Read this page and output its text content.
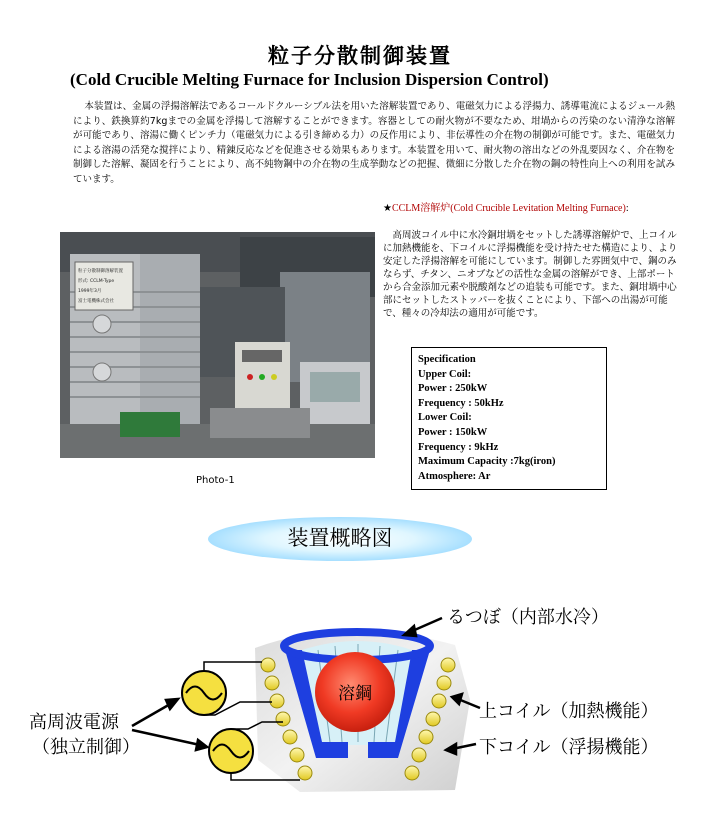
粒子分散制御装置
(Cold Crucible Melting Furnace for Inclusion Dispersion Control)

本装置は、金属の浮揚溶解法であるコールドクルーシブル法を用いた溶解装置であり、電磁気力による浮揚力、誘導電流によるジュール熱により、鉄換算約7kgまでの金属を浮揚して溶解することができます。容器としての耐火物が不要なため、坩堝からの汚染のない清浄な溶解が可能であり、溶湯に働くピンチ力（電磁気力による引き締める力）の反作用により、非伝導性の介在物の制御が可能です。また、電磁気力による溶湯の活発な撹拌により、精錬反応などを促進させる効果もあります。本装置を用いて、耐火物の溶出などの外乱要因なく、介在物を制御した溶解、凝固を行うことにより、高不純物鋼中の介在物の生成挙動などの把握、微細に分散した介在物の鋼の特性向上への利用を試みています。

粒子分散制御溶解装置
形式: CCLM-Type
1999年3月
富士電機株式会社
Photo-1
★CCLM溶解炉(Cold Crucible Levitation Melting Furnace):

高周波コイル中に水冷銅坩堝をセットした誘導溶解炉で、上コイルに加熱機能を、下コイルに浮揚機能を受け持たせた構造により、より安定した浮揚溶解を可能にしています。制御した雰囲気中で、鋼のみならず、チタン、ニオブなどの活性な金属の溶解ができ、上部ポートから合金添加元素や脱酸剤などの追装も可能です。また、銅坩堝中心部にセットしたストッパーを抜くことにより、下部への出湯が可能で、種々の冷却法の適用が可能です。

Specification
Upper Coil:
Power : 250kW
Frequency : 50kHz
Lower Coil:
Power : 150kW
Frequency : 9kHz
Maximum Capacity :7kg(iron)
Atmosphere: Ar
装置概略図
溶鋼
るつぼ（内部水冷）
上コイル（加熱機能）
下コイル（浮揚機能）
高周波電源
（独立制御）
